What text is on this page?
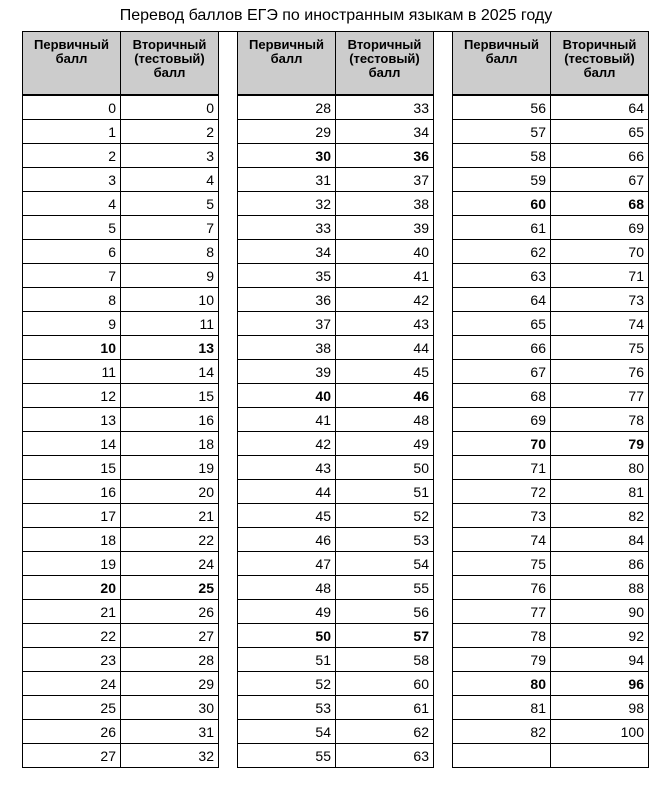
Перевод баллов ЕГЭ по иностранным языкам в 2025 году
Первичный балл	Вторичный (тестовый) балл		Первичный балл	Вторичный (тестовый) балл		Первичный балл	Вторичный (тестовый) балл

0	0		28	33		56	64
1	2		29	34		57	65
2	3		30	36		58	66
3	4		31	37		59	67
4	5		32	38		60	68
5	7		33	39		61	69
6	8		34	40		62	70
7	9		35	41		63	71
8	10		36	42		64	73
9	11		37	43		65	74
10	13		38	44		66	75
11	14		39	45		67	76
12	15		40	46		68	77
13	16		41	48		69	78
14	18		42	49		70	79
15	19		43	50		71	80
16	20		44	51		72	81
17	21		45	52		73	82
18	22		46	53		74	84
19	24		47	54		75	86
20	25		48	55		76	88
21	26		49	56		77	90
22	27		50	57		78	92
23	28		51	58		79	94
24	29		52	60		80	96
25	30		53	61		81	98
26	31		54	62		82	100
27	32		55	63			
